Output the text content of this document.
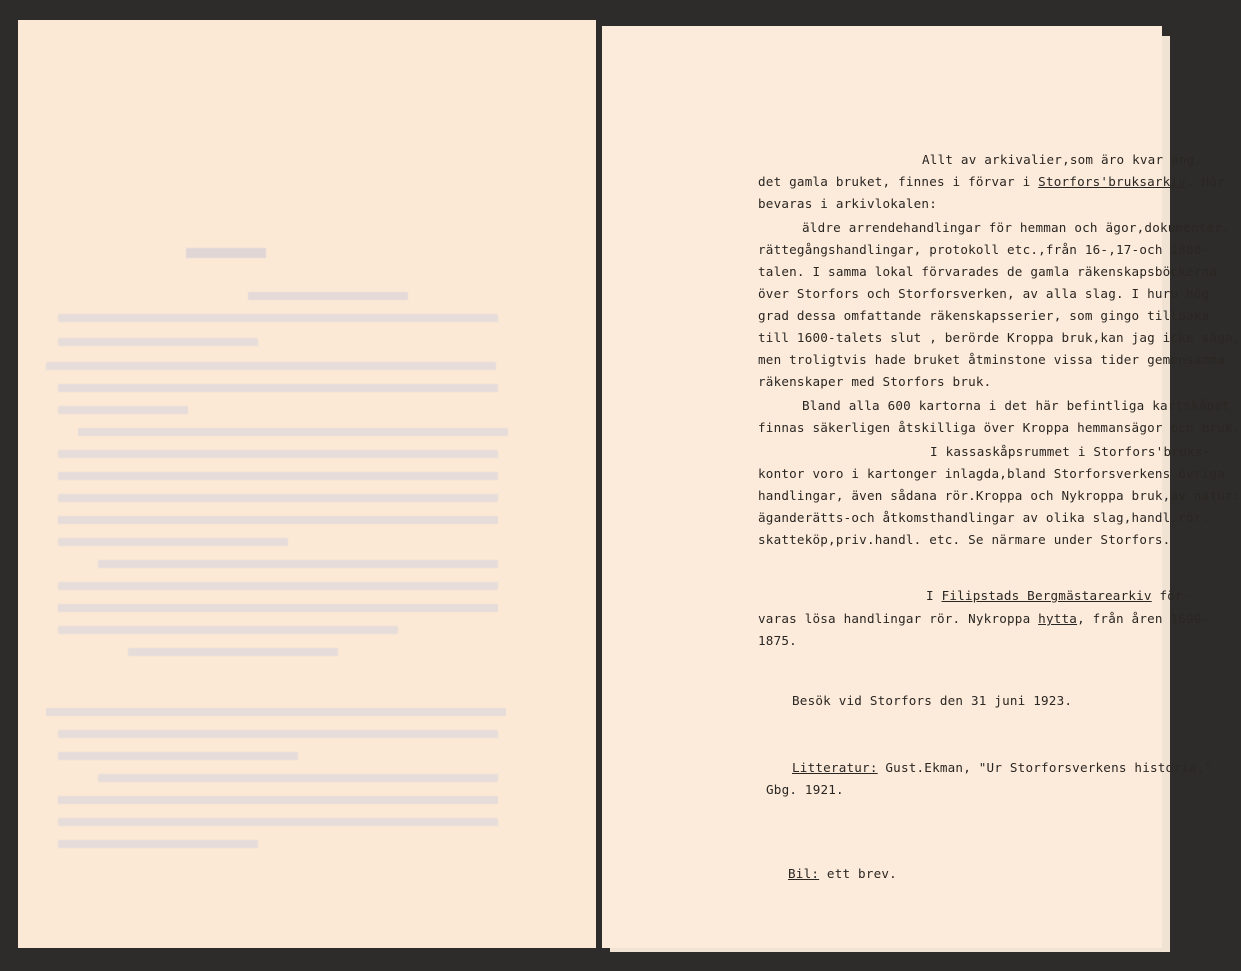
Allt av arkivalier,som äro kvar ang.

det gamla bruket, finnes i förvar i Storfors'bruksarkiv. Här

bevaras i arkivlokalen:

äldre arrendehandlingar för hemman och ägor,dokumenter,

rättegångshandlingar, protokoll etc.,från 16-,17-och 1800-

talen. I samma lokal förvarades de gamla räkenskapsböckerna

över Storfors och Storforsverken, av alla slag. I huru hög

grad dessa omfattande räkenskapsserier, som gingo tillbaka

till 1600-talets slut , berörde Kroppa bruk,kan jag icke säga,

men troligtvis hade bruket åtminstone vissa tider gemensamma

räkenskaper med Storfors bruk.

Bland alla 600 kartorna i det här befintliga kartskåpet

finnas säkerligen åtskilliga över Kroppa hemmansägor och bruk.

I kassaskåpsrummet i Storfors'bruks-

kontor voro i kartonger inlagda,bland Storforsverkens övriga

handlingar, även sådana rör.Kroppa och Nykroppa bruk,av natur:

äganderätts-och åtkomsthandlingar av olika slag,handl.rör.

skatteköp,priv.handl. etc. Se närmare under Storfors.

I Filipstads Bergmästarearkiv för-

varas lösa handlingar rör. Nykroppa hytta, från åren 1699-

1875.

Besök vid Storfors den 31 juni 1923.

Litteratur: Gust.Ekman, "Ur Storforsverkens historia,"

Gbg. 1921.

Bil: ett brev.
